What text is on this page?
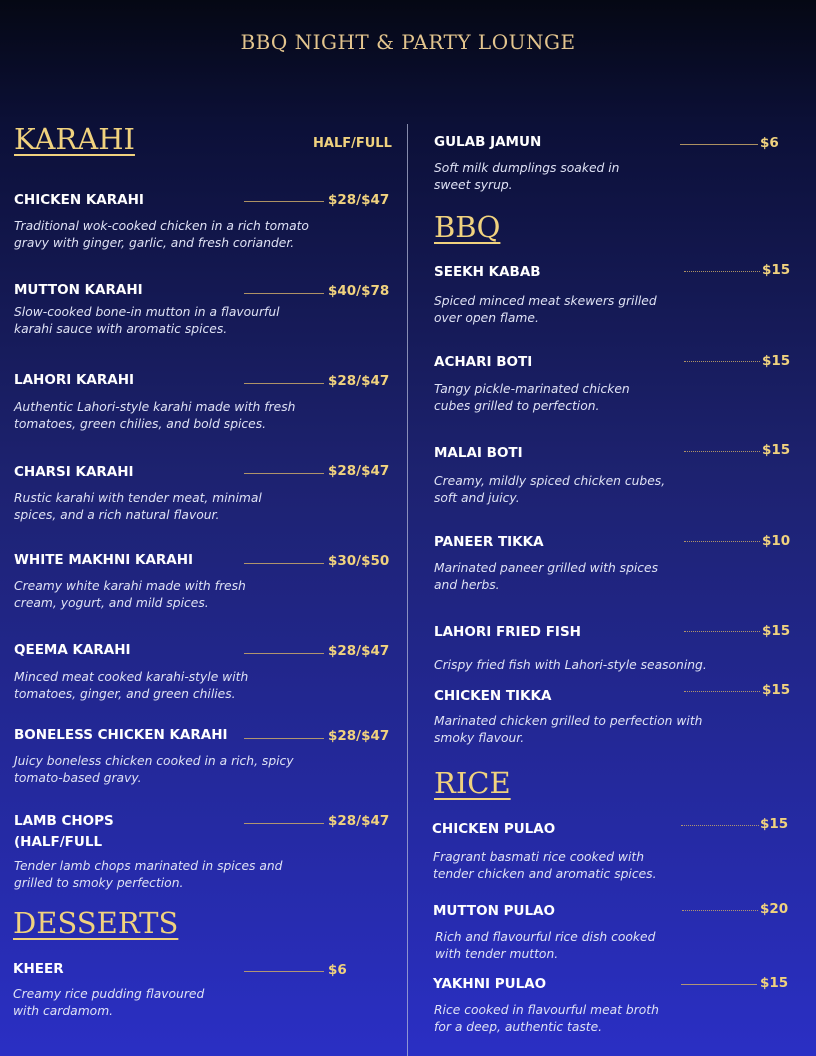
BBQ NIGHT & PARTY LOUNGE
KARAHI	HALF/FULL
CHICKEN KARAHI	$28/$47
Traditional wok-cooked chicken in a rich tomato gravy with ginger, garlic, and fresh coriander.
MUTTON KARAHI	$40/$78
Slow-cooked bone-in mutton in a flavourful karahi sauce with aromatic spices.
LAHORI KARAHI	$28/$47
Authentic Lahori-style karahi made with fresh tomatoes, green chilies, and bold spices.
CHARSI KARAHI	$28/$47
Rustic karahi with tender meat, minimal spices, and a rich natural flavour.
WHITE MAKHNI KARAHI	$30/$50
Creamy white karahi made with fresh cream, yogurt, and mild spices.
QEEMA KARAHI	$28/$47
Minced meat cooked karahi-style with tomatoes, ginger, and green chilies.
BONELESS CHICKEN KARAHI	$28/$47
Juicy boneless chicken cooked in a rich, spicy tomato-based gravy.
LAMB CHOPS (HALF/FULL
$28/$47
Tender lamb chops marinated in spices and grilled to smoky perfection.
DESSERTS
KHEER	$6
Creamy rice pudding flavoured with cardamom.
GULAB JAMUN	$6
Soft milk dumplings soaked in sweet syrup.
BBQ
SEEKH KABAB	$15
Spiced minced meat skewers grilled over open flame.
ACHARI BOTI	$15
Tangy pickle-marinated chicken cubes grilled to perfection.
MALAI BOTI	$15
Creamy, mildly spiced chicken cubes, soft and juicy.
PANEER TIKKA	$10
Marinated paneer grilled with spices and herbs.
LAHORI FRIED FISH	$15
Crispy fried fish with Lahori-style seasoning.
CHICKEN TIKKA	$15
Marinated chicken grilled to perfection with smoky flavour.
RICE
CHICKEN PULAO	$15
Fragrant basmati rice cooked with tender chicken and aromatic spices.
MUTTON PULAO	$20
Rich and flavourful rice dish cooked with tender mutton.
YAKHNI PULAO	$15
Rice cooked in flavourful meat broth for a deep, authentic taste.
